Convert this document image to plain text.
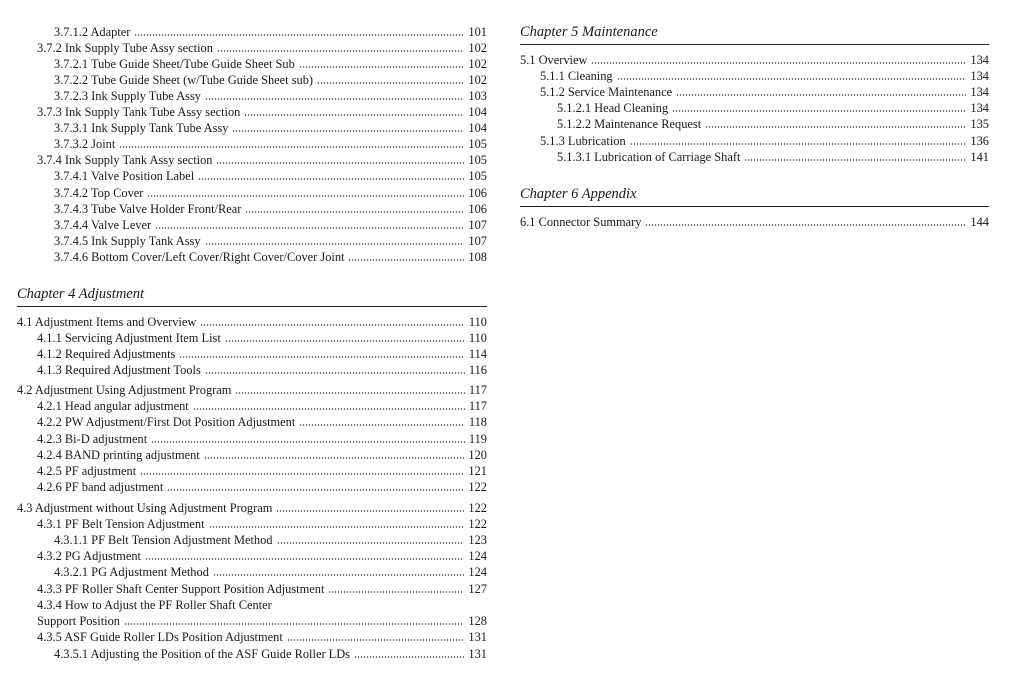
3.7.1.2 Adapter	101
3.7.2 Ink Supply Tube Assy section	102
3.7.2.1 Tube Guide Sheet/Tube Guide Sheet Sub	102
3.7.2.2 Tube Guide Sheet (w/Tube Guide Sheet sub)	102
3.7.2.3 Ink Supply Tube Assy	103
3.7.3 Ink Supply Tank Tube Assy section	104
3.7.3.1 Ink Supply Tank Tube Assy	104
3.7.3.2 Joint	105
3.7.4 Ink Supply Tank Assy section	105
3.7.4.1 Valve Position Label	105
3.7.4.2 Top Cover	106
3.7.4.3 Tube Valve Holder Front/Rear	106
3.7.4.4 Valve Lever	107
3.7.4.5 Ink Supply Tank Assy	107
3.7.4.6 Bottom Cover/Left Cover/Right Cover/Cover Joint	108
Chapter 4 Adjustment
4.1 Adjustment Items and Overview	110
4.1.1 Servicing Adjustment Item List	110
4.1.2 Required Adjustments	114
4.1.3 Required Adjustment Tools	116
4.2 Adjustment Using Adjustment Program	117
4.2.1 Head angular adjustment	117
4.2.2 PW Adjustment/First Dot Position Adjustment	118
4.2.3 Bi-D adjustment	119
4.2.4 BAND printing adjustment	120
4.2.5 PF adjustment	121
4.2.6 PF band adjustment	122
4.3 Adjustment without Using Adjustment Program	122
4.3.1 PF Belt Tension Adjustment	122
4.3.1.1 PF Belt Tension Adjustment Method	123
4.3.2 PG Adjustment	124
4.3.2.1 PG Adjustment Method	124
4.3.3 PF Roller Shaft Center Support Position Adjustment	127
4.3.4 How to Adjust the PF Roller Shaft Center
Support Position	128
4.3.5 ASF Guide Roller LDs Position Adjustment	131
4.3.5.1 Adjusting the Position of the ASF Guide Roller LDs	131
Chapter 5 Maintenance
5.1 Overview	134
5.1.1 Cleaning	134
5.1.2 Service Maintenance	134
5.1.2.1 Head Cleaning	134
5.1.2.2 Maintenance Request	135
5.1.3 Lubrication	136
5.1.3.1 Lubrication of Carriage Shaft	141
Chapter 6 Appendix
6.1 Connector Summary	144
